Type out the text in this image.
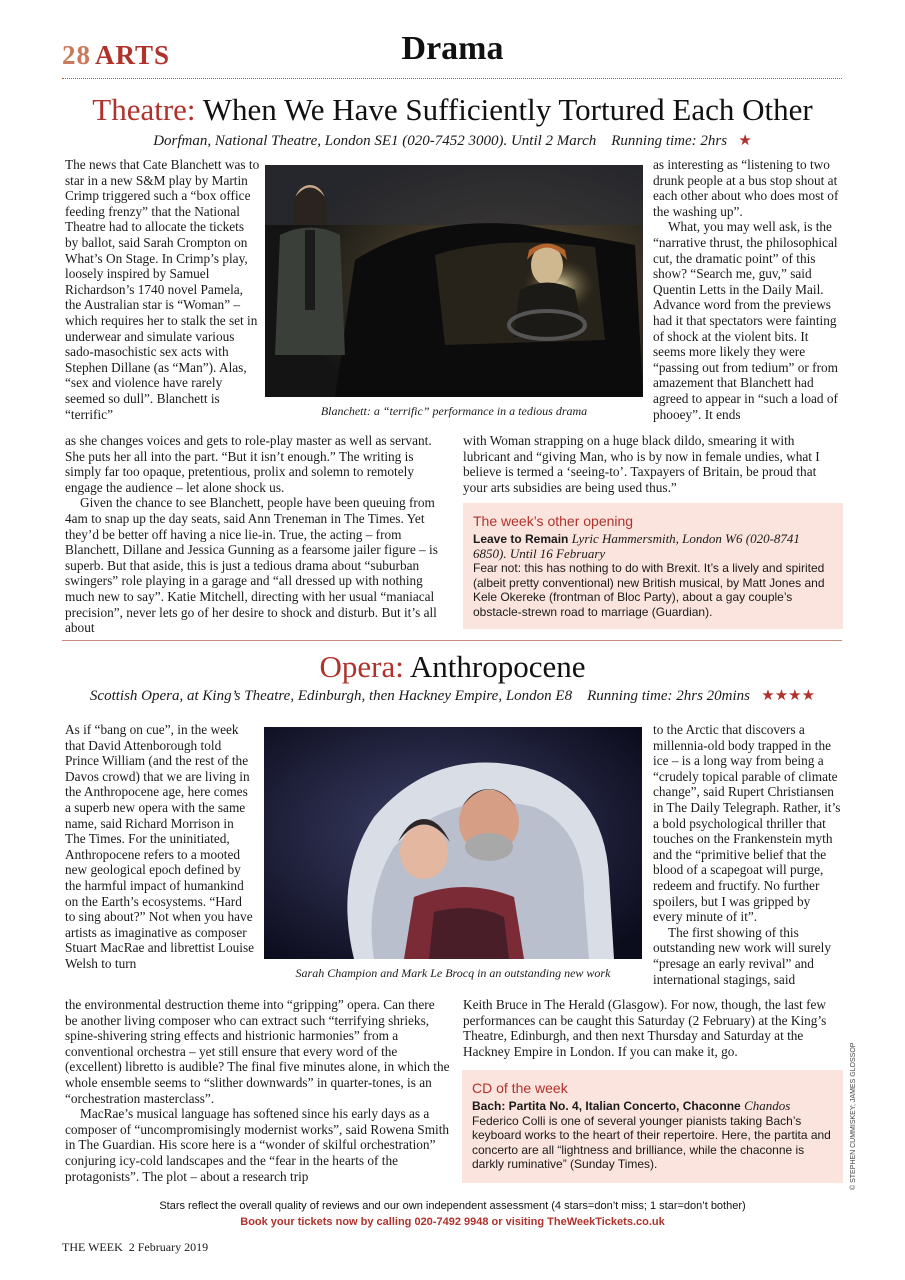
28 ARTS	Drama
Theatre: When We Have Sufficiently Tortured Each Other
Dorfman, National Theatre, London SE1 (020-7452 3000). Until 2 March Running time: 2hrs ★

The news that Cate Blanchett was to star in a new S&M play by Martin Crimp triggered such a “box office feeding frenzy” that the National Theatre had to allocate the tickets by ballot, said Sarah Crompton on What’s On Stage. In Crimp’s play, loosely inspired by Samuel Richardson’s 1740 novel Pamela, the Australian star is “Woman” – which requires her to stalk the set in underwear and simulate various sado-masochistic sex acts with Stephen Dillane (as “Man”). Alas, “sex and violence have rarely seemed so dull”. Blanchett is “terrific”	Blanchett: a “terrific” performance in a tedious drama

as interesting as “listening to two drunk people at a bus stop shout at each other about who does most of the washing up”.

What, you may well ask, is the “narrative thrust, the philosophical cut, the dramatic point” of this show? “Search me, guv,” said Quentin Letts in the Daily Mail. Advance word from the previews had it that spectators were fainting of shock at the violent bits. It seems more likely they were “passing out from tedium” or from amazement that Blanchett had agreed to appear in “such a load of phooey”. It ends

as she changes voices and gets to role-play master as well as servant. She puts her all into the part. “But it isn’t enough.” The writing is simply far too opaque, pretentious, prolix and solemn to remotely engage the audience – let alone shock us.

Given the chance to see Blanchett, people have been queuing from 4am to snap up the day seats, said Ann Treneman in The Times. Yet they’d be better off having a nice lie-in. True, the acting – from Blanchett, Dillane and Jessica Gunning as a fearsome jailer figure – is superb. But that aside, this is just a tedious drama about “suburban swingers” role playing in a garage and “all dressed up with nothing much new to say”. Katie Mitchell, directing with her usual “maniacal precision”, never lets go of her desire to shock and disturb. But it’s all about

with Woman strapping on a huge black dildo, smearing it with lubricant and “giving Man, who is by now in female undies, what I believe is termed a ‘seeing-to’. Taxpayers of Britain, be proud that your arts subsidies are being used thus.”

The week’s other opening
Leave to Remain Lyric Hammersmith, London W6 (020-8741 6850). Until 16 February
Fear not: this has nothing to do with Brexit. It’s a lively and spirited (albeit pretty conventional) new British musical, by Matt Jones and Kele Okereke (frontman of Bloc Party), about a gay couple’s obstacle-strewn road to marriage (Guardian).
Opera: Anthropocene
Scottish Opera, at King’s Theatre, Edinburgh, then Hackney Empire, London E8 Running time: 2hrs 20mins ★★★★

As if “bang on cue”, in the week that David Attenborough told Prince William (and the rest of the Davos crowd) that we are living in the Anthropocene age, here comes a superb new opera with the same name, said Richard Morrison in The Times. For the uninitiated, Anthropocene refers to a mooted new geological epoch defined by the harmful impact of humankind on the Earth’s ecosystems. “Hard to sing about?” Not when you have artists as imaginative as composer Stuart MacRae and librettist Louise Welsh to turn

Sarah Champion and Mark Le Brocq in an outstanding new work

to the Arctic that discovers a millennia-old body trapped in the ice – is a long way from being a “crudely topical parable of climate change”, said Rupert Christiansen in The Daily Telegraph. Rather, it’s a bold psychological thriller that touches on the Frankenstein myth and the “primitive belief that the blood of a scapegoat will purge, redeem and fructify. No further spoilers, but I was gripped by every minute of it”.

The first showing of this outstanding new work will surely “presage an early revival” and international stagings, said

the environmental destruction theme into “gripping” opera. Can there be another living composer who can extract such “terrifying shrieks, spine-shivering string effects and histrionic harmonies” from a conventional orchestra – yet still ensure that every word of the (excellent) libretto is audible? The final five minutes alone, in which the whole ensemble seems to “slither downwards” in quarter-tones, is an “orchestration masterclass”.

MacRae’s musical language has softened since his early days as a composer of “uncompromisingly modernist works”, said Rowena Smith in The Guardian. His score here is a “wonder of skilful orchestration” conjuring icy-cold landscapes and the “fear in the hearts of the protagonists”. The plot – about a research trip

Keith Bruce in The Herald (Glasgow). For now, though, the last few performances can be caught this Saturday (2 February) at the King’s Theatre, Edinburgh, and then next Thursday and Saturday at the Hackney Empire in London. If you can make it, go.

CD of the week
Bach: Partita No. 4, Italian Concerto, Chaconne Chandos
Federico Colli is one of several younger pianists taking Bach’s keyboard works to the heart of their repertoire. Here, the partita and concerto are all “lightness and brilliance, while the chaconne is darkly ruminative” (Sunday Times).	© STEPHEN CUMMISKEY; JAMES GLOSSOP
Stars reflect the overall quality of reviews and our own independent assessment (4 stars=don’t miss; 1 star=don’t bother)
Book your tickets now by calling 020-7492 9948 or visiting TheWeekTickets.co.uk
THE WEEK  2 February 2019
